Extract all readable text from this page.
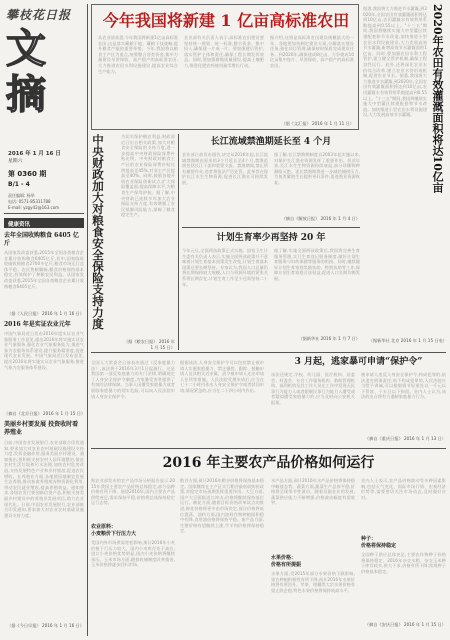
攀枝花日报
文摘
2016 年 1 月 16 日
星期六
第 0360 期
B/1 - 4
责任编辑: 杨华
电话: 0571-85311788
E-mail: yzgy42@163.com
健康资讯
去年全国收购粮食 6405 亿斤
从国家发改委获悉,2015年全国各类粮食企业累计收购粮食6405亿斤,其中,国家临时收储收购粮食2700多亿斤,粮食市场运行总体平稳。农民售粮顺畅,粮食价格保持基本稳定,有效保护了种粮农民利益。从国家发改委获悉,2015年全国各类粮食企业累计收购粮食6405亿斤。
（据《人民日报》 2016 年 1 月 16 日）
2016 年是实证农业元年
中国气象局近日发布2016年度实证农业气象服务工作意见,提出2016年将实施实证农业气象服务,强化农业气象服务能力,推进气象为农服务体系建设,提升服务精准度,促进现代农业发展。中国气象局近日发布意见,提出2016年将实施实证农业气象服务,推进气象为农服务体系建设。
（摘自《北京日报》 2016 年 1 月 15 日）
美丽乡村要发展 投资收时看养殖业
日前,中国农业发展银行,农业部联合印发通知,要求加大对农业农村基础设施建设支持力度,发挥金融作用,服务美丽乡村建设。通知指出,要积极支持农村人居环境整治,推进农村生活垃圾和污水治理,加快农村危房改造,支持发展特色产业和乡村旅游,促进农民增收。在养殖业方面,各地要因地制宜发展生态养殖,推动畜禽养殖废弃物资源化利用,带动农民就业增收,提高养殖效益。通知要求,各级农发行要创新信贷产品,积极支持美丽乡村建设中的养殖业发展项目,助力农业现代化。日前,中国农业发展银行,农业部联合印发通知,要求加大对农业农村基础设施建设支持力度。
（据《今日早报》 2016 年 1 月 16 日）
今年我国将新建 1 亿亩高标准农田
从农业部获悉,今年我国将新建1亿亩高标准农田,这是落实藏粮于地、藏粮于技战略,提升粮食产能的重要举措。今年,我国将以粮食主产区为重点,统筹整合各类资金,集中力量建设旱涝保收、高产稳产的高标准农田,大力推进农田水利设施建设,提高农业综合生产能力。
农业部有关负责人表示,高标准农田建设要坚持统一规划、统一标准,整合资金、集中投入,确保建一片成一片。要加强建后管护,落实管护主体和责任,确保工程长期发挥效益。同时,要加强耕地质量建设,提高土壤肥力,推进化肥农药使用量零增长行动。
据介绍,这将是高标准农田建设规模最大的一年。各地要加快制定建设方案,分解落实建设任务,强化项目管理,确保按时保质完成建设任务。到2020年,确保建成8亿亩、力争建成10亿亩集中连片、旱涝保收、高产稳产的高标准农田。
（据《文汇报》 2016 年 1 月 11 日）
据悉,我国将大力推进节水灌溉,到2020年,全国农田有效灌溉面积将达到10亿亩,农田灌溉水有效利用系数提高到0.55以上。"十三五"期间,我国将继续实施大中型灌区续建配套和节水改造,加快推进小型农田水利设施建设,大力发展高效节水灌溉,新增高效节水灌溉面积1亿亩。同时,要加强农田水利工程管护,建立健全管护机制,确保工程良性运行。此外,还将深化农业水价综合改革,建立农业水价形成机制,促进农业节水。据悉,我国将大力推进节水灌溉,到2020年,全国农田有效灌溉面积将达到10亿亩,农田灌溉水有效利用系数提高到0.55以上。"十三五"期间,我国将继续实施大中型灌区续建配套和节水改造。加快推进小型农田水利设施建设,大力发展高效节水灌溉。	2020年农田有效灌溉面积将达10亿亩
（据新华社 北京 2016 年 1 月 15 日电）
中央财政加大对粮食安全保险支持力度	为切实保护粮农利益,财政部近日出台相关政策,加大对粮食安全保险的支持力度,进一步提高中央财政保险保费补贴比例。中央财政对粮食主产区的农业保险保费补贴比例提高至45%,对非主产区提高至40%。同时,鼓励各地开展农业保险创新试点,扩大保险覆盖面,提高保障水平,为粮食生产保驾护航。据了解,中央财政已连续多年加大农业保险支持力度,有效增强了农民抵御风险能力,保障了粮食稳定生产。
（据《粮农日报》 2016 年 1 月 15 日）
长江流域禁渔期延长至 4 个月
农业部日前发布通告,决定从2016年起,长江流域禁渔期由原来的3个月延长至4个月,禁渔范围包括长江干流和重要支流。禁渔期间,禁止所有捕捞作业,违者将依法严厉处罚。此举旨在保护长江水生生物资源,促进长江渔业可持续发展。
据了解,长江禁渔期制度自2003年起实施以来,对保护长江渔业资源发挥了重要作用。但近年来,长江水生生物资源持续衰退,部分珍稀物种濒临灭绝。延长禁渔期将进一步减轻捕捞压力,为鱼类繁殖生长提供更好条件,促进渔业资源恢复。
（摘自《解放日报》 2016 年 1 月 4 日）
计划生育率少再坚持 20 年
今年元旦,全面两孩政策正式实施。国家卫生计生委有关负责人表示,实施全面两孩政策并不意味着计划生育基本国策发生改变,计划生育基本国策还要长期坚持。专家认为,我国人口总量仍将长期保持较大规模,人口与资源环境的紧张关系将长期存在,计划生育工作至少还需坚持二十年。
据了解,实施全面两孩政策后,我国将完善生育服务管理,实行生育登记服务制度,做好计划生育服务与妇幼保健等服务的衔接。同时,继续做好计划生育家庭奖励扶助、特别扶助等工作,保障计划生育家庭合法权益,促进人口长期均衡发展。
（据新华社 2016 年 1 月 7 日）
3 月起，逃家暴可申请“保护令”
全国人大常委会日前表决通过《反家庭暴力法》,该法将于2016年3月1日起施行。这是我国第一部反家庭暴力的专门法律,明确规定了人身安全保护令制度,为家暴受害者提供了有效的法律保障。当事人因遭受家庭暴力或者面临家庭暴力的现实危险,可以向人民法院申请人身安全保护令。
根据该法,人身安全保护令可以包括禁止被申请人实施家庭暴力、禁止骚扰、跟踪、接触申请人及其相关近亲属、责令被申请人迁出申请人住所等措施。人民法院受理申请后,应当在七十二小时内作出人身安全保护令或者驳回申请,情况紧急的,应当在二十四小时内作出。
该法还规定,学校、幼儿园、医疗机构、居委会、村委会、社会工作服务机构、救助管理机构、福利机构及其工作人员在工作中发现无民事行为能力人或者限制民事行为能力人遭受或者疑似遭受家庭暴力的,应当及时向公安机关报案。
被申请人违反人身安全保护令,构成犯罪的,依法追究刑事责任;尚不构成犯罪的,人民法院应当给予训诫,可以根据情节轻重处以一千元以下罚款、十五日以下拘留。业内人士认为,该法的出台将有力遏制家庭暴力行为。
（摘自《重庆日报》 2016 年 1 月 13 日）
2016 年主要农产品价格如何运行
据农业部发布的农产品市场分析报告显示,2015年我国主要农产品价格总体稳定,部分品种价格有所下降。展望2016年,国内主要农产品供给充足,需求保持平稳,价格将总体保持稳定运行态势。
农业原料：
小麦粮价下行压力大
受国内外市场供需宽松影响,预计2016年小麦价格下行压力较大。国内小麦库存处于高位,进口小麦价格优势明显,国内小麦价格将继续承压。玉米市场方面,随着收储制度改革推进,玉米价格将逐步回归市场。
稻谷方面,预计2016年稻谷价格将保持基本稳定。国家继续在主产区实行稻谷最低收购价政策,对稳定市场预期发挥重要作用。大豆方面,国产大豆面临进口冲击,价格将继续保持低位运行。棉花方面,随着目标价格改革试点的推进,棉花价格将更多由市场决定,预计价格将低位震荡。油料方面,国内油料作物种植面积稳中有降,食用油价格将保持平稳。畜产品方面,生猪价格有望继续上涨,牛羊肉价格将保持稳定。
水产品方面,预计2016年水产品价格将保持稳中略涨态势。蔬菜方面,蔬菜生产总体平稳,价格将呈现季节性波动。随着设施农业的发展,蔬菜供应能力不断增强,价格波动幅度有望收窄。
水果价格：
价格有所提振
水果方面,受2015年部分水果价格下跌影响,果农种植积极性有所下降,预计2016年水果价格将有所回升。苹果、柑橘等大宗水果价格有望止跌企稳,特色水果价格将保持较高水平。
业内人士表示,农产品价格波动受多种因素影响,包括天气变化、国际市场行情、宏观经济形势等,需要密切关注市场动态,及时做好应对。
种子：
价格将保持稳定
全国种子供应总体充足,主要农作物种子价格将保持稳定。2016年杂交水稻、杂交玉米种子库存较多,供大于求,价格有所下降;常规种子价格基本稳定。
（摘自《安庆日报》 2016 年 1 月 15 日）
